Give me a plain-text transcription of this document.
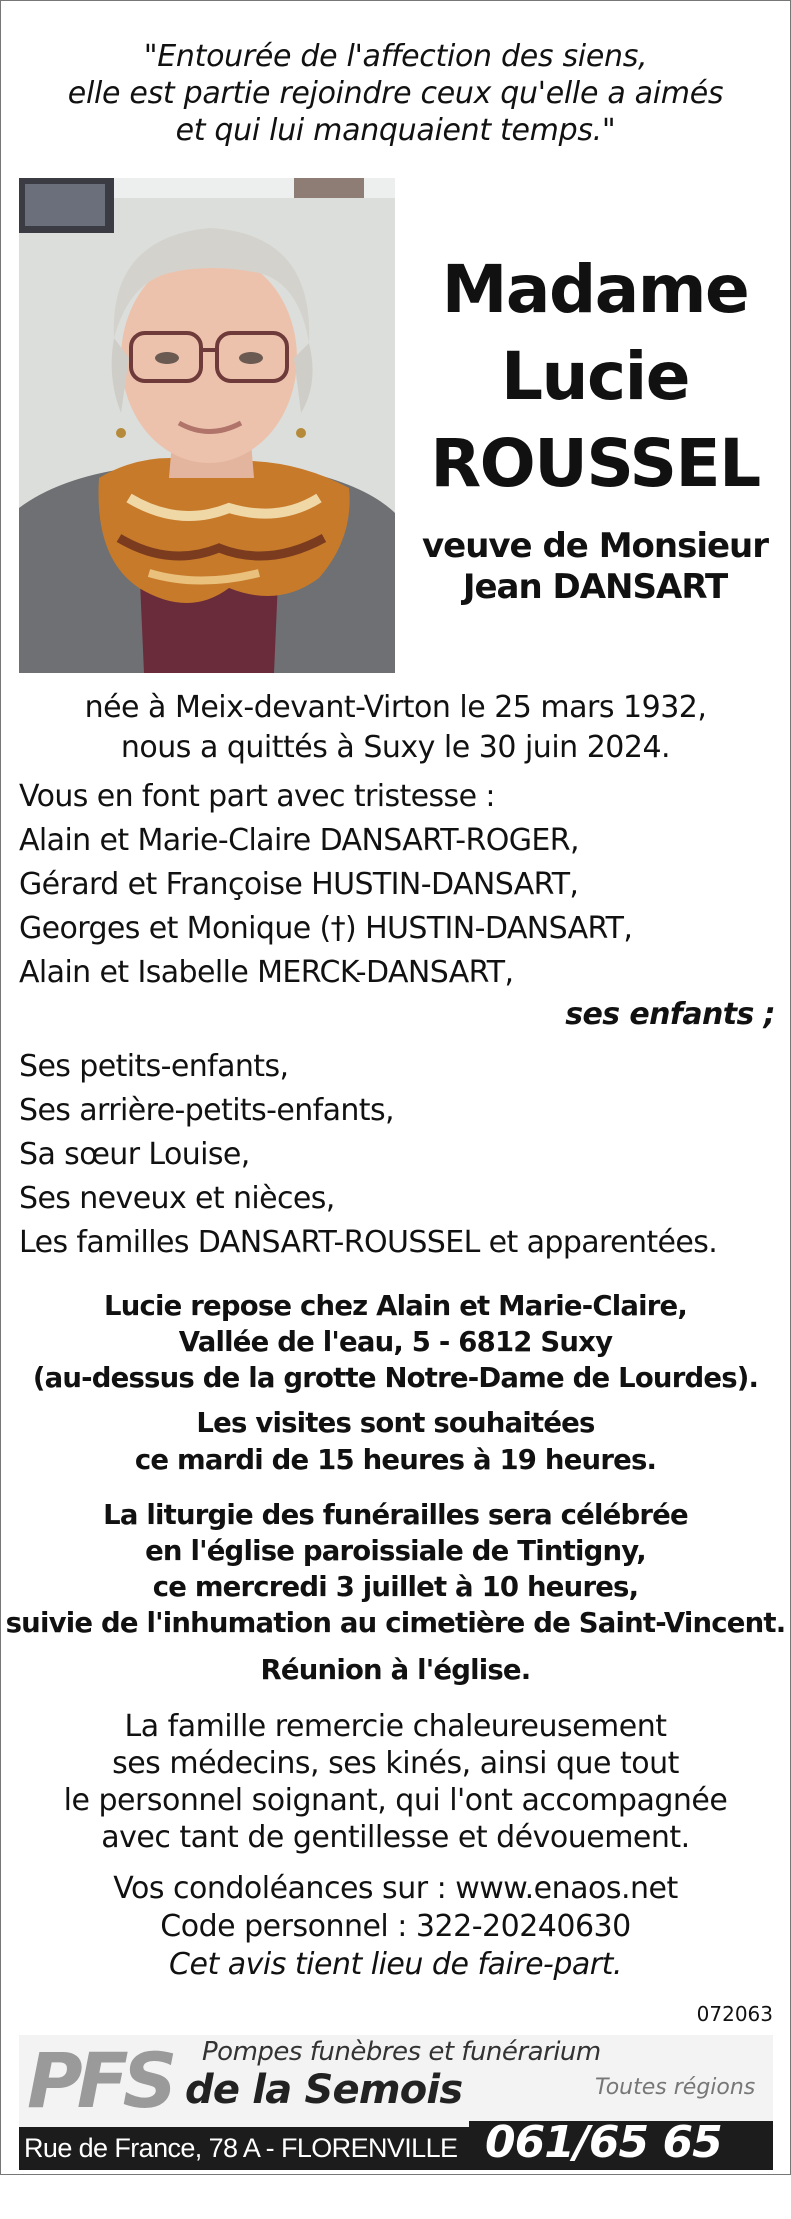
"Entourée de l'affection des siens,
elle est partie rejoindre ceux qu'elle a aimés
et qui lui manquaient temps."
Madame
Lucie
ROUSSEL
veuve de Monsieur
Jean DANSART
née à Meix-devant-Virton le 25 mars 1932,
nous a quittés à Suxy le 30 juin 2024.
Vous en font part avec tristesse :
Alain et Marie-Claire DANSART-ROGER,
Gérard et Françoise HUSTIN-DANSART,
Georges et Monique (†) HUSTIN-DANSART,
Alain et Isabelle MERCK-DANSART,
ses enfants ;
Ses petits-enfants,
Ses arrière-petits-enfants,
Sa sœur Louise,
Ses neveux et nièces,
Les familles DANSART-ROUSSEL et apparentées.
Lucie repose chez Alain et Marie-Claire,
Vallée de l'eau, 5 - 6812 Suxy
(au-dessus de la grotte Notre-Dame de Lourdes).
Les visites sont souhaitées
ce mardi de 15 heures à 19 heures.
La liturgie des funérailles sera célébrée
en l'église paroissiale de Tintigny,
ce mercredi 3 juillet à 10 heures,
suivie de l'inhumation au cimetière de Saint-Vincent.
Réunion à l'église.
La famille remercie chaleureusement
ses médecins, ses kinés, ainsi que tout
le personnel soignant, qui l'ont accompagnée
avec tant de gentillesse et dévouement.
Vos condoléances sur : www.enaos.net
Code personnel : 322-20240630
Cet avis tient lieu de faire-part.
072063
PFS Pompes funèbres et funérarium
de la Semois	Toutes régions
Rue de France, 78 A - FLORENVILLE 061/65 65 76
